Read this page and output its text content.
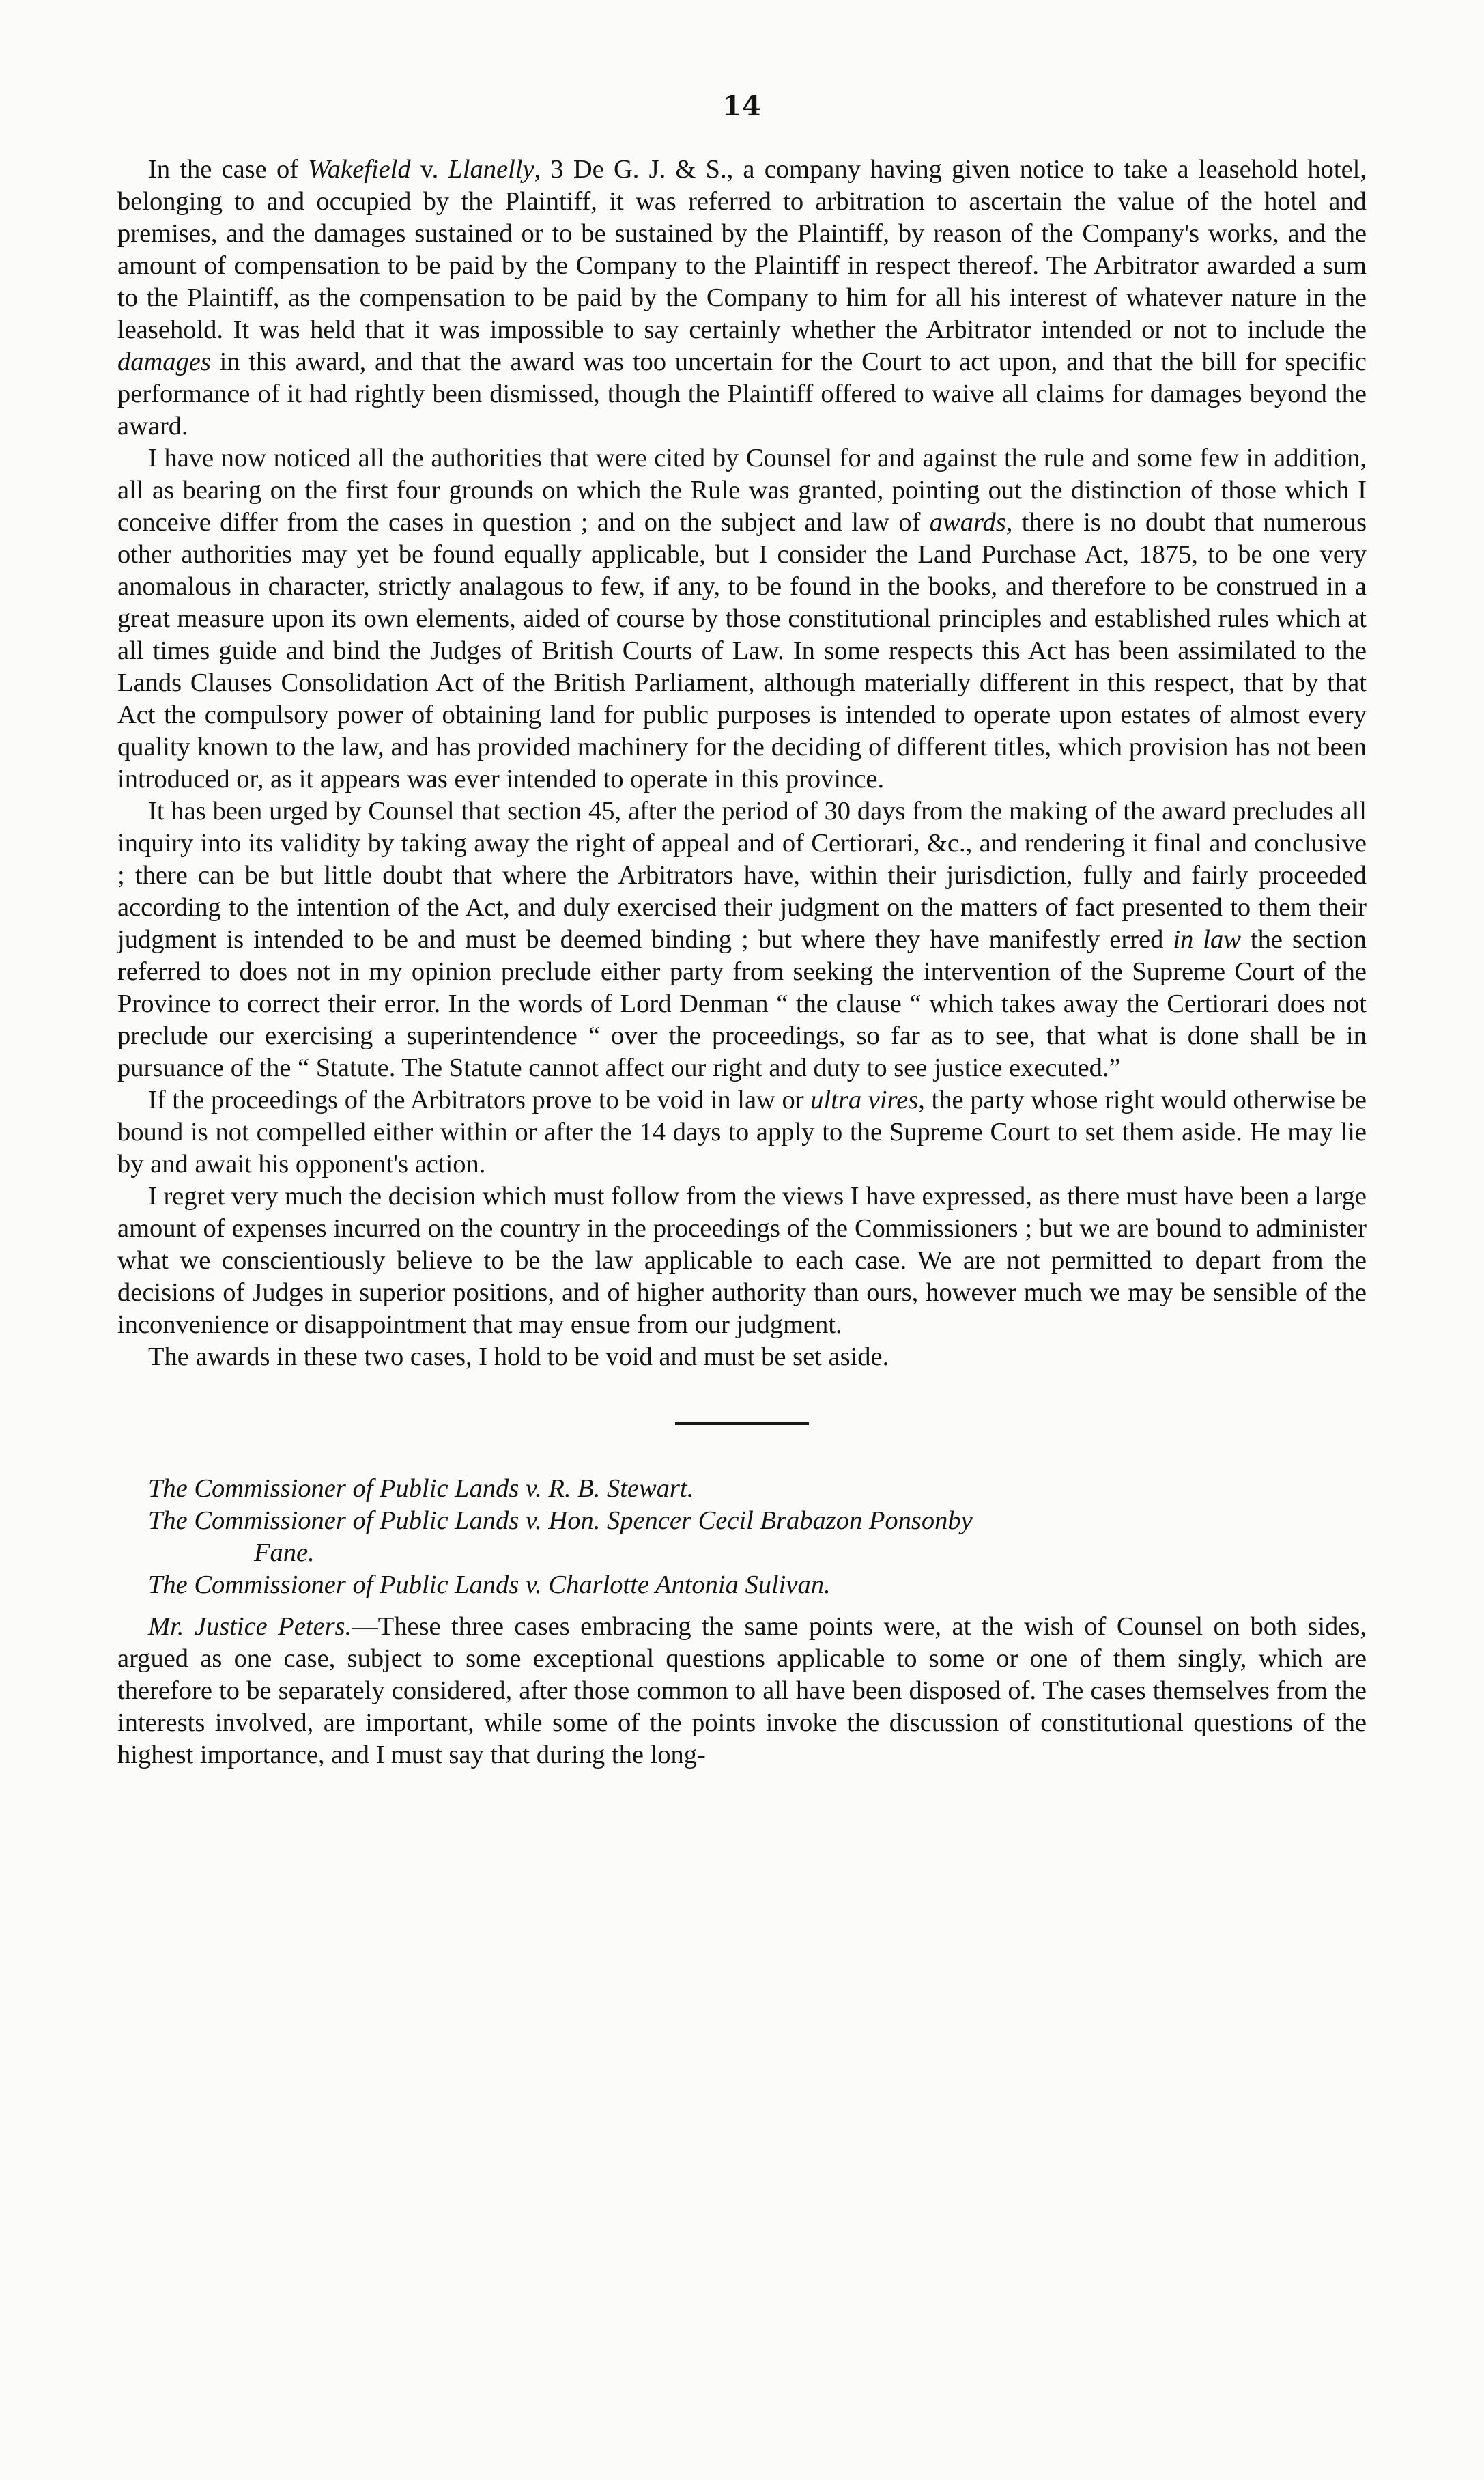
14

In the case of Wakefield v. Llanelly, 3 De G. J. & S., a company having given notice to take a leasehold hotel, belonging to and occupied by the Plaintiff, it was referred to arbitration to ascertain the value of the hotel and premises, and the damages sustained or to be sustained by the Plaintiff, by reason of the Company's works, and the amount of compensation to be paid by the Company to the Plaintiff in respect thereof. The Arbitrator awarded a sum to the Plaintiff, as the compensation to be paid by the Company to him for all his interest of whatever nature in the leasehold. It was held that it was impossible to say certainly whether the Arbitrator intended or not to include the damages in this award, and that the award was too uncertain for the Court to act upon, and that the bill for specific performance of it had rightly been dismissed, though the Plaintiff offered to waive all claims for damages beyond the award.

I have now noticed all the authorities that were cited by Counsel for and against the rule and some few in addition, all as bearing on the first four grounds on which the Rule was granted, pointing out the distinction of those which I conceive differ from the cases in question ; and on the subject and law of awards, there is no doubt that numerous other authorities may yet be found equally applicable, but I consider the Land Purchase Act, 1875, to be one very anomalous in character, strictly analagous to few, if any, to be found in the books, and therefore to be construed in a great measure upon its own elements, aided of course by those constitutional principles and established rules which at all times guide and bind the Judges of British Courts of Law. In some respects this Act has been assimilated to the Lands Clauses Consolidation Act of the British Parliament, although materially different in this respect, that by that Act the compulsory power of obtaining land for public purposes is intended to operate upon estates of almost every quality known to the law, and has provided machinery for the deciding of different titles, which provision has not been introduced or, as it appears was ever intended to operate in this province.

It has been urged by Counsel that section 45, after the period of 30 days from the making of the award precludes all inquiry into its validity by taking away the right of appeal and of Certiorari, &c., and rendering it final and conclusive ; there can be but little doubt that where the Arbitrators have, within their jurisdiction, fully and fairly proceeded according to the intention of the Act, and duly exercised their judgment on the matters of fact presented to them their judgment is intended to be and must be deemed binding ; but where they have manifestly erred in law the section referred to does not in my opinion preclude either party from seeking the intervention of the Supreme Court of the Province to correct their error. In the words of Lord Denman “ the clause “ which takes away the Certiorari does not preclude our exercising a superintendence “ over the proceedings, so far as to see, that what is done shall be in pursuance of the “ Statute. The Statute cannot affect our right and duty to see justice executed.”

If the proceedings of the Arbitrators prove to be void in law or ultra vires, the party whose right would otherwise be bound is not compelled either within or after the 14 days to apply to the Supreme Court to set them aside. He may lie by and await his opponent's action.

I regret very much the decision which must follow from the views I have expressed, as there must have been a large amount of expenses incurred on the country in the proceedings of the Commissioners ; but we are bound to administer what we conscientiously believe to be the law applicable to each case. We are not permitted to depart from the decisions of Judges in superior positions, and of higher authority than ours, however much we may be sensible of the inconvenience or disappointment that may ensue from our judgment.

The awards in these two cases, I hold to be void and must be set aside.

The Commissioner of Public Lands v. R. B. Stewart.

The Commissioner of Public Lands v. Hon. Spencer Cecil Brabazon Ponsonby

Fane.

The Commissioner of Public Lands v. Charlotte Antonia Sulivan.

Mr. Justice Peters.—These three cases embracing the same points were, at the wish of Counsel on both sides, argued as one case, subject to some exceptional questions applicable to some or one of them singly, which are therefore to be separately considered, after those common to all have been disposed of. The cases themselves from the interests involved, are important, while some of the points invoke the discussion of constitutional questions of the highest importance, and I must say that during the long-
